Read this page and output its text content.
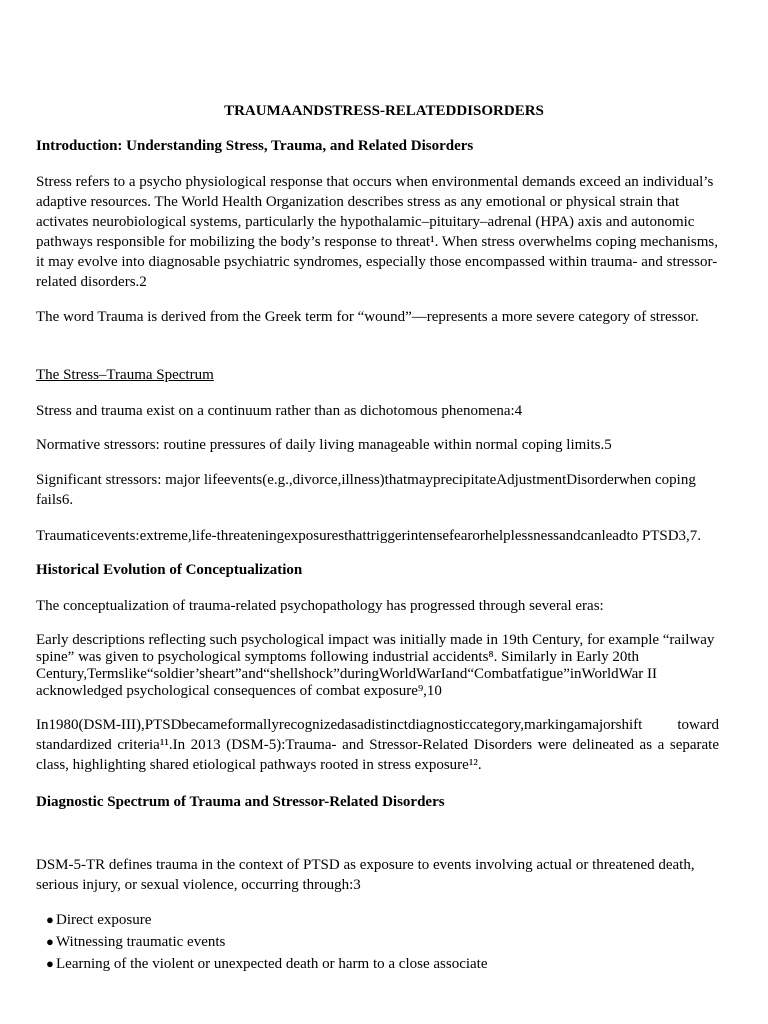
TRAUMAANDSTRESS-RELATEDDISORDERS
Introduction: Understanding Stress, Trauma, and Related Disorders
Stress refers to a psycho physiological response that occurs when environmental demands exceed an individual’s adaptive resources. The World Health Organization describes stress as any emotional or physical strain that activates neurobiological systems, particularly the hypothalamic–pituitary–adrenal (HPA) axis and autonomic pathways responsible for mobilizing the body’s response to threat¹. When stress overwhelms coping mechanisms, it may evolve into diagnosable psychiatric syndromes, especially those encompassed within trauma- and stressor-related disorders.2
The word Trauma is derived from the Greek term for “wound”—represents a more severe category of stressor.
The Stress–Trauma Spectrum
Stress and trauma exist on a continuum rather than as dichotomous phenomena:4
Normative stressors: routine pressures of daily living manageable within normal coping limits.5
Significant stressors: major lifeevents(e.g.,divorce,illness)thatmayprecipitateAdjustmentDisorderwhen coping fails6.
Traumaticevents:extreme,life-threateningexposuresthattriggerintensefearorhelplessnessandcanleadto PTSD3,7.
Historical Evolution of Conceptualization
The conceptualization of trauma-related psychopathology has progressed through several eras:
Early descriptions reflecting such psychological impact was initially made in 19th Century, for example “railway spine” was given to psychological symptoms following industrial accidents⁸. Similarly in Early 20th Century,Termslike“soldier’sheart”and“shellshock”duringWorldWarIand“Combatfatigue”inWorldWar II acknowledged psychological consequences of combat exposure⁹,10
In1980(DSM-III),PTSDbecameformallyrecognizedasadistinctdiagnosticcategory,markingamajorshift toward standardized criteria¹¹.In 2013 (DSM-5):Trauma- and Stressor-Related Disorders were delineated as a separate class, highlighting shared etiological pathways rooted in stress exposure¹².
Diagnostic Spectrum of Trauma and Stressor-Related Disorders
DSM-5-TR defines trauma in the context of PTSD as exposure to events involving actual or threatened death, serious injury, or sexual violence, occurring through:3
● Direct exposure
● Witnessing traumatic events
● Learning of the violent or unexpected death or harm to a close associate
